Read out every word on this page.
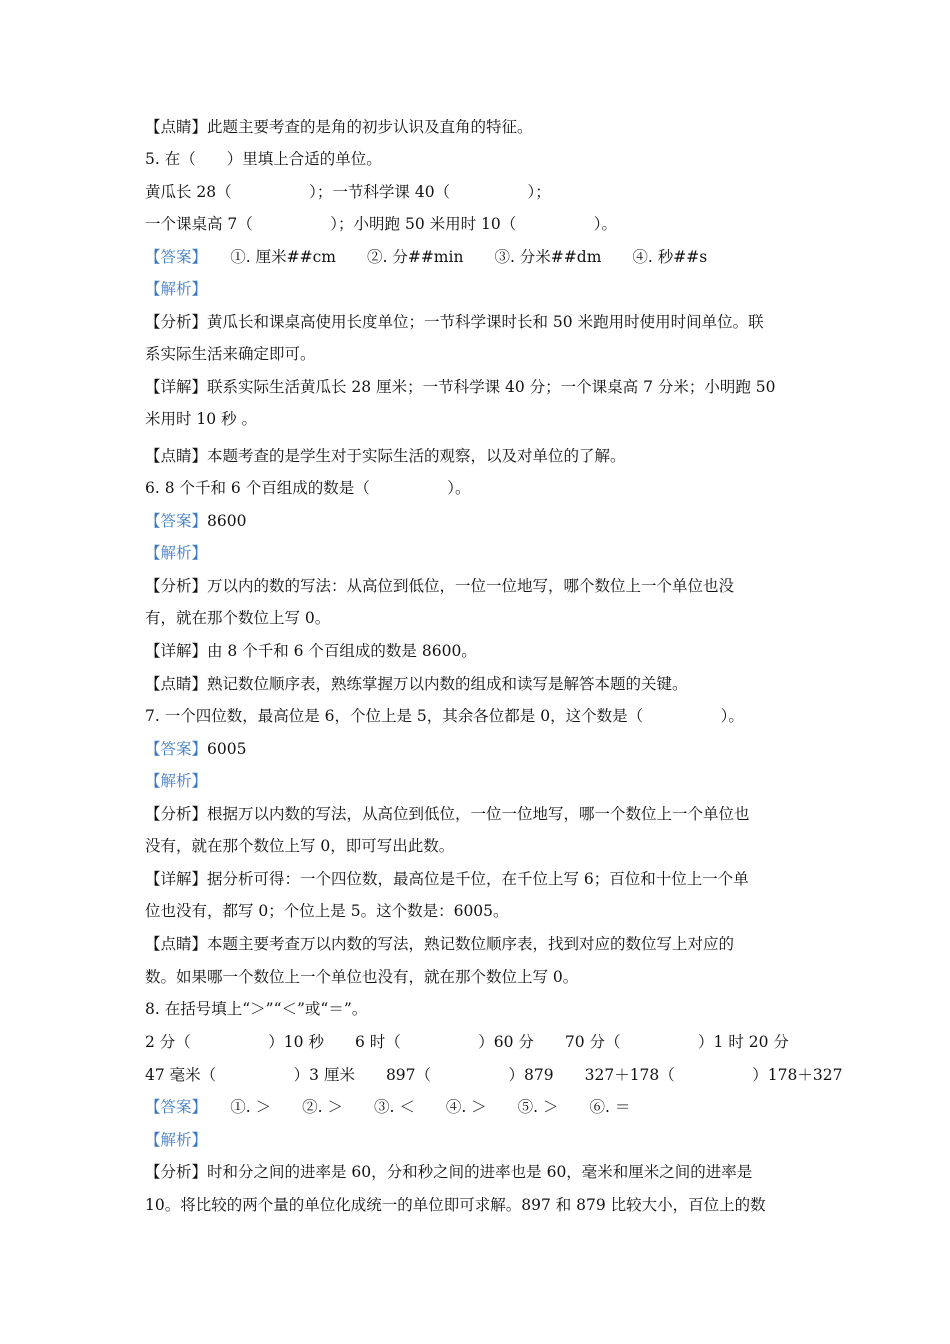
【点睛】此题主要考查的是角的初步认识及直角的特征。
5. 在（　　）里填上合适的单位。
黄瓜长 28（　　　　　）；一节科学课 40（　　　　　）；
一个课桌高 7（　　　　　）；小明跑 50 米用时 10（　　　　　）。
【答案】　　①. 厘米##cm　　②. 分##min　　③. 分米##dm　　④. 秒##s
【解析】
【分析】黄瓜长和课桌高使用长度单位；一节科学课时长和 50 米跑用时使用时间单位。联
系实际生活来确定即可。
【详解】联系实际生活黄瓜长 28 厘米；一节科学课 40 分；一个课桌高 7 分米；小明跑 50
米用时 10 秒 。
【点睛】本题考查的是学生对于实际生活的观察，以及对单位的了解。
6. 8 个千和 6 个百组成的数是（　　　　　）。
【答案】8600
【解析】
【分析】万以内的数的写法：从高位到低位，一位一位地写，哪个数位上一个单位也没
有，就在那个数位上写 0。
【详解】由 8 个千和 6 个百组成的数是 8600。
【点睛】熟记数位顺序表，熟练掌握万以内数的组成和读写是解答本题的关键。
7. 一个四位数，最高位是 6，个位上是 5，其余各位都是 0，这个数是（　　　　　）。
【答案】6005
【解析】
【分析】根据万以内数的写法，从高位到低位，一位一位地写，哪一个数位上一个单位也
没有，就在那个数位上写 0，即可写出此数。
【详解】据分析可得：一个四位数，最高位是千位，在千位上写 6；百位和十位上一个单
位也没有，都写 0；个位上是 5。这个数是：6005。
【点睛】本题主要考查万以内数的写法，熟记数位顺序表，找到对应的数位写上对应的
数。如果哪一个数位上一个单位也没有，就在那个数位上写 0。
8. 在括号填上“＞”“＜”或“＝”。
2 分（　　　　　）10 秒　　6 时（　　　　　）60 分　　70 分（　　　　　）1 时 20 分
47 毫米（　　　　　）3 厘米　　897（　　　　　）879　　327＋178（　　　　　）178＋327
【答案】　　①. ＞　　②. ＞　　③. ＜　　④. ＞　　⑤. ＞　　⑥. ＝
【解析】
【分析】时和分之间的进率是 60，分和秒之间的进率也是 60，毫米和厘米之间的进率是
10。将比较的两个量的单位化成统一的单位即可求解。897 和 879 比较大小，百位上的数
